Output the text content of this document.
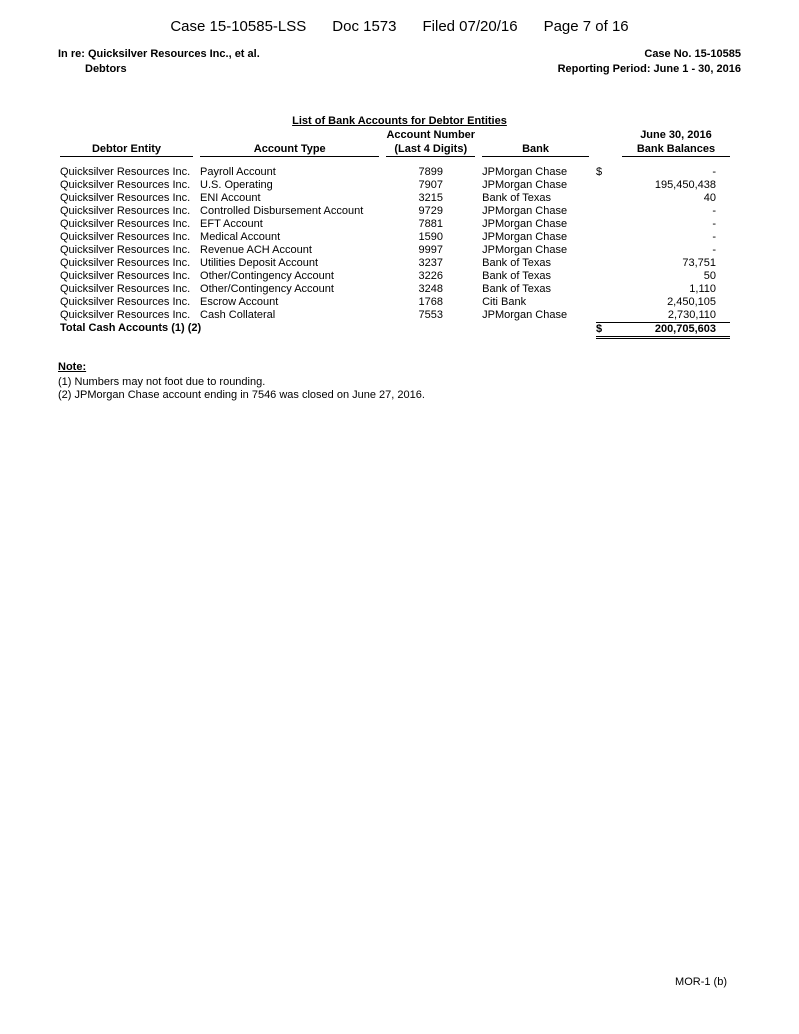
Case 15-10585-LSS Doc 1573 Filed 07/20/16 Page 7 of 16
In re: Quicksilver Resources Inc., et al.
Debtors
Case No. 15-10585
Reporting Period: June 1 - 30, 2016
List of Bank Accounts for Debtor Entities
Debtor Entity	Account Type	
Account Number
(Last 4 Digits)	Bank	
June 30, 2016
Bank Balances

Quicksilver Resources Inc.	Payroll Account	7899	JPMorgan Chase	$ -

Quicksilver Resources Inc.	U.S. Operating	7907	JPMorgan Chase	195,450,438

Quicksilver Resources Inc.	ENI Account	3215	Bank of Texas	40

Quicksilver Resources Inc.	Controlled Disbursement Account	9729	JPMorgan Chase	-

Quicksilver Resources Inc.	EFT Account	7881	JPMorgan Chase	-

Quicksilver Resources Inc.	Medical Account	1590	JPMorgan Chase	-

Quicksilver Resources Inc.	Revenue ACH Account	9997	JPMorgan Chase	-

Quicksilver Resources Inc.	Utilities Deposit Account	3237	Bank of Texas	73,751

Quicksilver Resources Inc.	Other/Contingency Account	3226	Bank of Texas	50

Quicksilver Resources Inc.	Other/Contingency Account	3248	Bank of Texas	1,110

Quicksilver Resources Inc.	Escrow Account	1768	Citi Bank	2,450,105

Quicksilver Resources Inc.	Cash Collateral	7553	JPMorgan Chase	2,730,110

Total Cash Accounts (1) (2)				$ 200,705,603
Note:
(1) Numbers may not foot due to rounding.
(2) JPMorgan Chase account ending in 7546 was closed on June 27, 2016.
MOR-1 (b)
